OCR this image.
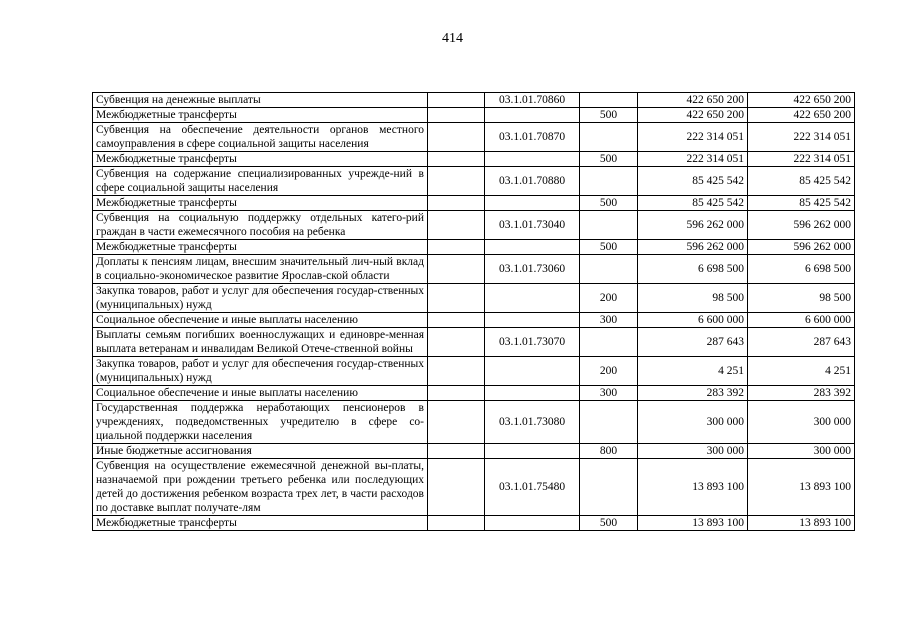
414
Субвенция на денежные выплаты		03.1.01.70860		422 650 200	422 650 200
Межбюджетные трансферты			500	422 650 200	422 650 200
Субвенция на обеспечение деятельности органов местного самоуправления в сфере социальной защиты населения		03.1.01.70870		222 314 051	222 314 051
Межбюджетные трансферты			500	222 314 051	222 314 051
Субвенция на содержание специализированных учрежде-ний в сфере социальной защиты населения		03.1.01.70880		85 425 542	85 425 542
Межбюджетные трансферты			500	85 425 542	85 425 542
Субвенция на социальную поддержку отдельных катего-рий граждан в части ежемесячного пособия на ребенка		03.1.01.73040		596 262 000	596 262 000
Межбюджетные трансферты			500	596 262 000	596 262 000
Доплаты к пенсиям лицам, внесшим значительный лич-ный вклад в социально-экономическое развитие Ярослав-ской области		03.1.01.73060		6 698 500	6 698 500
Закупка товаров, работ и услуг для обеспечения государ-ственных (муниципальных) нужд			200	98 500	98 500
Социальное обеспечение и иные выплаты населению			300	6 600 000	6 600 000
Выплаты семьям погибших военнослужащих и единовре-менная выплата ветеранам и инвалидам Великой Отече-ственной войны		03.1.01.73070		287 643	287 643
Закупка товаров, работ и услуг для обеспечения государ-ственных (муниципальных) нужд			200	4 251	4 251
Социальное обеспечение и иные выплаты населению			300	283 392	283 392
Государственная поддержка неработающих пенсионеров в учреждениях, подведомственных учредителю в сфере со-циальной поддержки населения		03.1.01.73080		300 000	300 000
Иные бюджетные ассигнования			800	300 000	300 000
Субвенция на осуществление ежемесячной денежной вы-платы, назначаемой при рождении третьего ребенка или последующих детей до достижения ребенком возраста трех лет, в части расходов по доставке выплат получате-лям		03.1.01.75480		13 893 100	13 893 100
Межбюджетные трансферты			500	13 893 100	13 893 100
